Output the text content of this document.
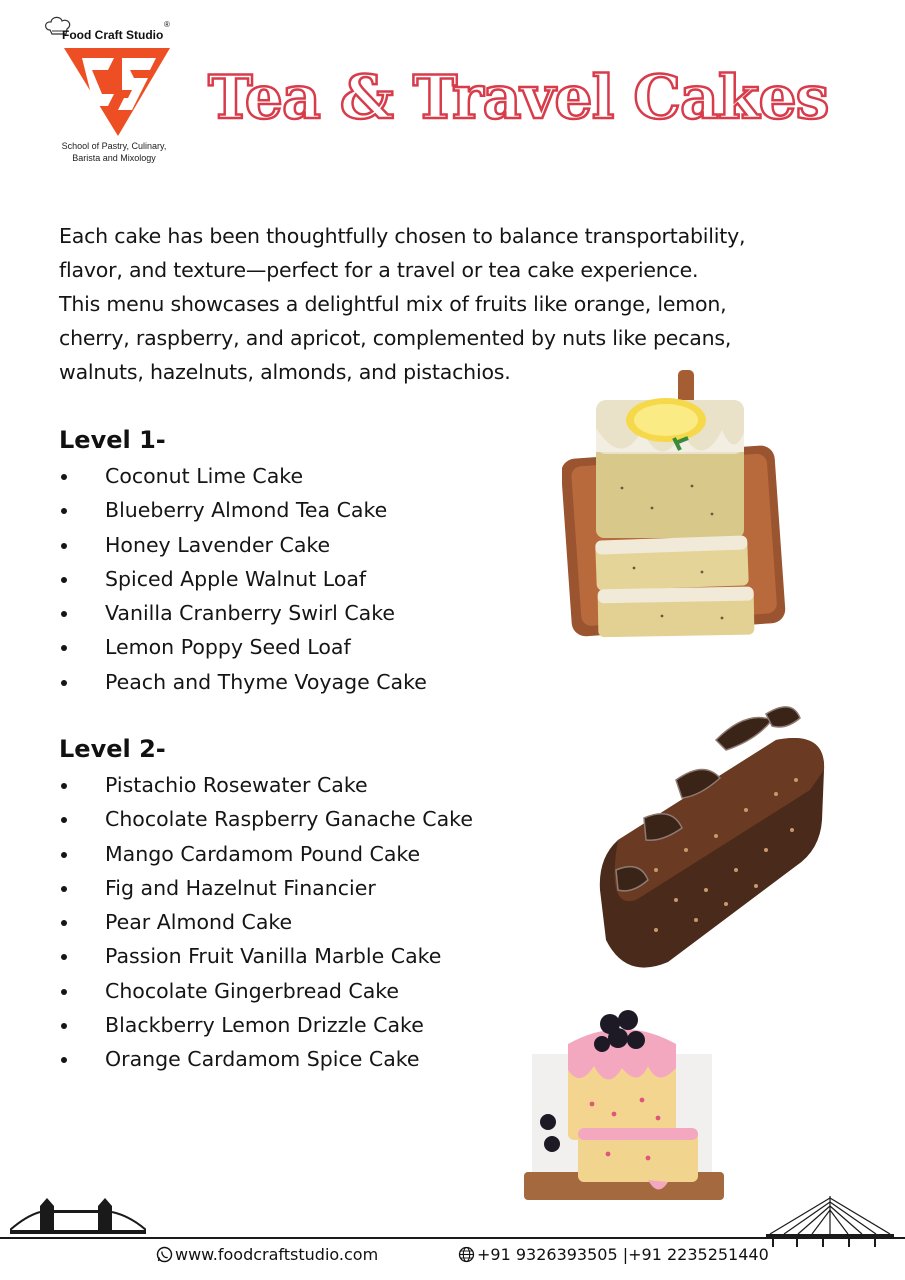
Food Craft Studio
®
School of Pastry, Culinary,
Barista and Mixology
Tea & Travel Cakes
Each cake has been thoughtfully chosen to balance transportability,
flavor, and texture—perfect for a travel or tea cake experience.
This menu showcases a delightful mix of fruits like orange, lemon,
cherry, raspberry, and apricot, complemented by nuts like pecans,
walnuts, hazelnuts, almonds, and pistachios.
Level 1-
Coconut Lime Cake
Blueberry Almond Tea Cake
Honey Lavender Cake
Spiced Apple Walnut Loaf
Vanilla Cranberry Swirl Cake
Lemon Poppy Seed Loaf
Peach and Thyme Voyage Cake
Level 2-
Pistachio Rosewater Cake
Chocolate Raspberry Ganache Cake
Mango Cardamom Pound Cake
Fig and Hazelnut Financier
Pear Almond Cake
Passion Fruit Vanilla Marble Cake
Chocolate Gingerbread Cake
Blackberry Lemon Drizzle Cake
Orange Cardamom Spice Cake
www.foodcraftstudio.com	+91 9326393505 |+91 2235251440
